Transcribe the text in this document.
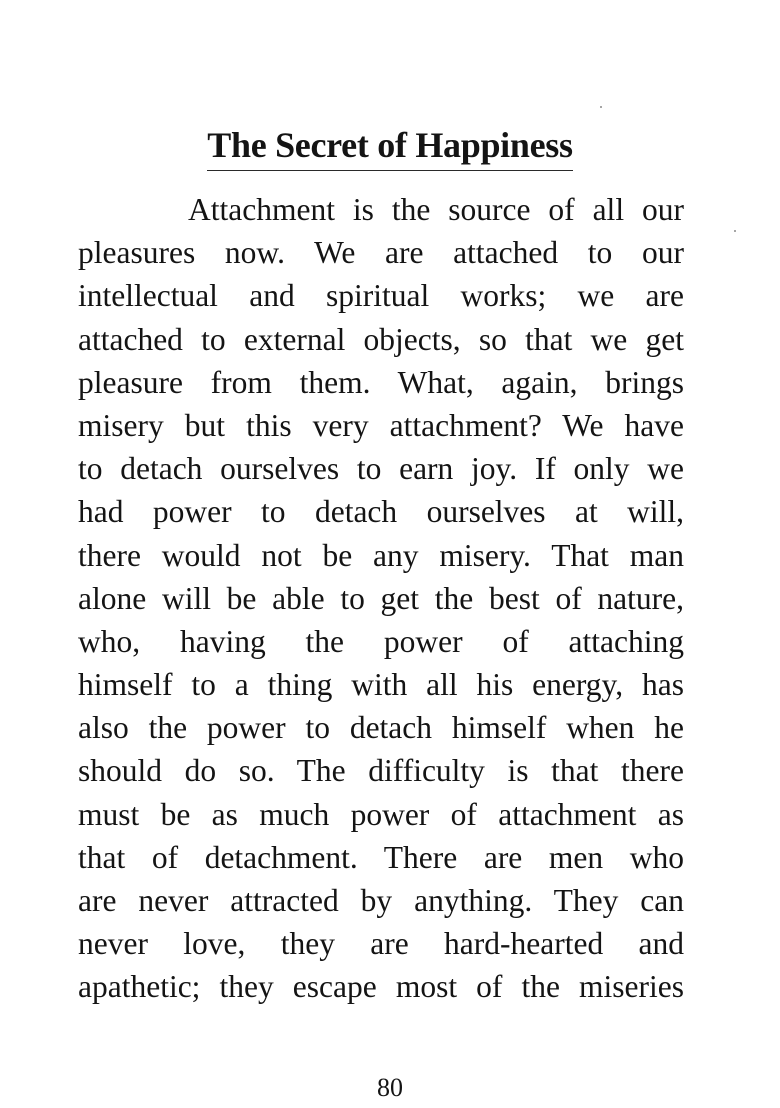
The Secret of Happiness
Attachment is the source of all our
pleasures now. We are attached to our
intellectual and spiritual works; we are
attached to external objects, so that we get
pleasure from them. What, again, brings
misery but this very attachment? We have
to detach ourselves to earn joy. If only we
had power to detach ourselves at will,
there would not be any misery. That man
alone will be able to get the best of nature,
who, having the power of attaching
himself to a thing with all his energy, has
also the power to detach himself when he
should do so. The difficulty is that there
must be as much power of attachment as
that of detachment. There are men who
are never attracted by anything. They can
never love, they are hard-hearted and
apathetic; they escape most of the miseries
80
